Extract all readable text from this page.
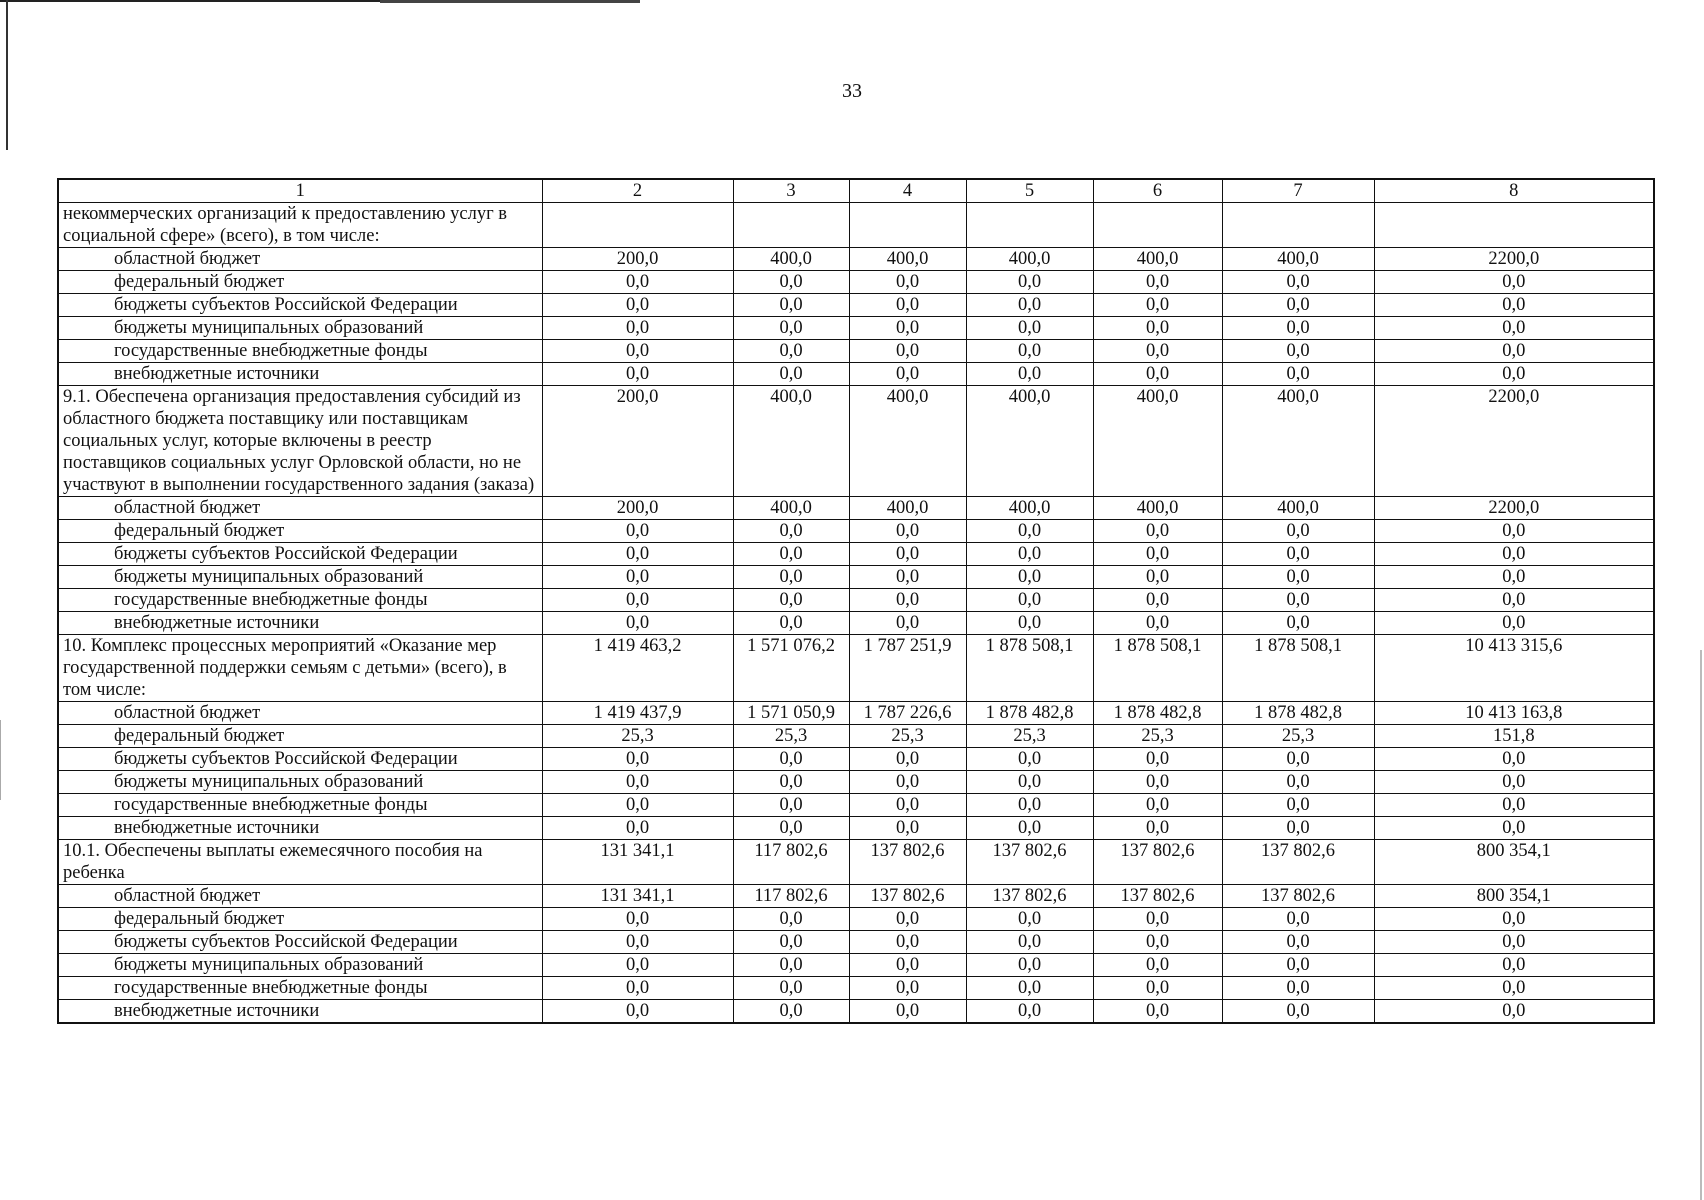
33
1	2	3	4	5	6	7	8
некоммерческих организаций к предоставлению услуг в социальной сфере» (всего), в том числе:							
областной бюджет	200,0	400,0	400,0	400,0	400,0	400,0	2200,0
федеральный бюджет	0,0	0,0	0,0	0,0	0,0	0,0	0,0
бюджеты субъектов Российской Федерации	0,0	0,0	0,0	0,0	0,0	0,0	0,0
бюджеты муниципальных образований	0,0	0,0	0,0	0,0	0,0	0,0	0,0
государственные внебюджетные фонды	0,0	0,0	0,0	0,0	0,0	0,0	0,0
внебюджетные источники	0,0	0,0	0,0	0,0	0,0	0,0	0,0
9.1. Обеспечена организация предоставления субсидий из областного бюджета поставщику или поставщикам социальных услуг, которые включены в реестр поставщиков социальных услуг Орловской области, но не участвуют в выполнении государственного задания (заказа)	200,0	400,0	400,0	400,0	400,0	400,0	2200,0
областной бюджет	200,0	400,0	400,0	400,0	400,0	400,0	2200,0
федеральный бюджет	0,0	0,0	0,0	0,0	0,0	0,0	0,0
бюджеты субъектов Российской Федерации	0,0	0,0	0,0	0,0	0,0	0,0	0,0
бюджеты муниципальных образований	0,0	0,0	0,0	0,0	0,0	0,0	0,0
государственные внебюджетные фонды	0,0	0,0	0,0	0,0	0,0	0,0	0,0
внебюджетные источники	0,0	0,0	0,0	0,0	0,0	0,0	0,0
10. Комплекс процессных мероприятий «Оказание мер государственной поддержки семьям с детьми» (всего), в том числе:	1 419 463,2	1 571 076,2	1 787 251,9	1 878 508,1	1 878 508,1	1 878 508,1	10 413 315,6
областной бюджет	1 419 437,9	1 571 050,9	1 787 226,6	1 878 482,8	1 878 482,8	1 878 482,8	10 413 163,8
федеральный бюджет	25,3	25,3	25,3	25,3	25,3	25,3	151,8
бюджеты субъектов Российской Федерации	0,0	0,0	0,0	0,0	0,0	0,0	0,0
бюджеты муниципальных образований	0,0	0,0	0,0	0,0	0,0	0,0	0,0
государственные внебюджетные фонды	0,0	0,0	0,0	0,0	0,0	0,0	0,0
внебюджетные источники	0,0	0,0	0,0	0,0	0,0	0,0	0,0
10.1. Обеспечены выплаты ежемесячного пособия на ребенка	131 341,1	117 802,6	137 802,6	137 802,6	137 802,6	137 802,6	800 354,1
областной бюджет	131 341,1	117 802,6	137 802,6	137 802,6	137 802,6	137 802,6	800 354,1
федеральный бюджет	0,0	0,0	0,0	0,0	0,0	0,0	0,0
бюджеты субъектов Российской Федерации	0,0	0,0	0,0	0,0	0,0	0,0	0,0
бюджеты муниципальных образований	0,0	0,0	0,0	0,0	0,0	0,0	0,0
государственные внебюджетные фонды	0,0	0,0	0,0	0,0	0,0	0,0	0,0
внебюджетные источники	0,0	0,0	0,0	0,0	0,0	0,0	0,0
